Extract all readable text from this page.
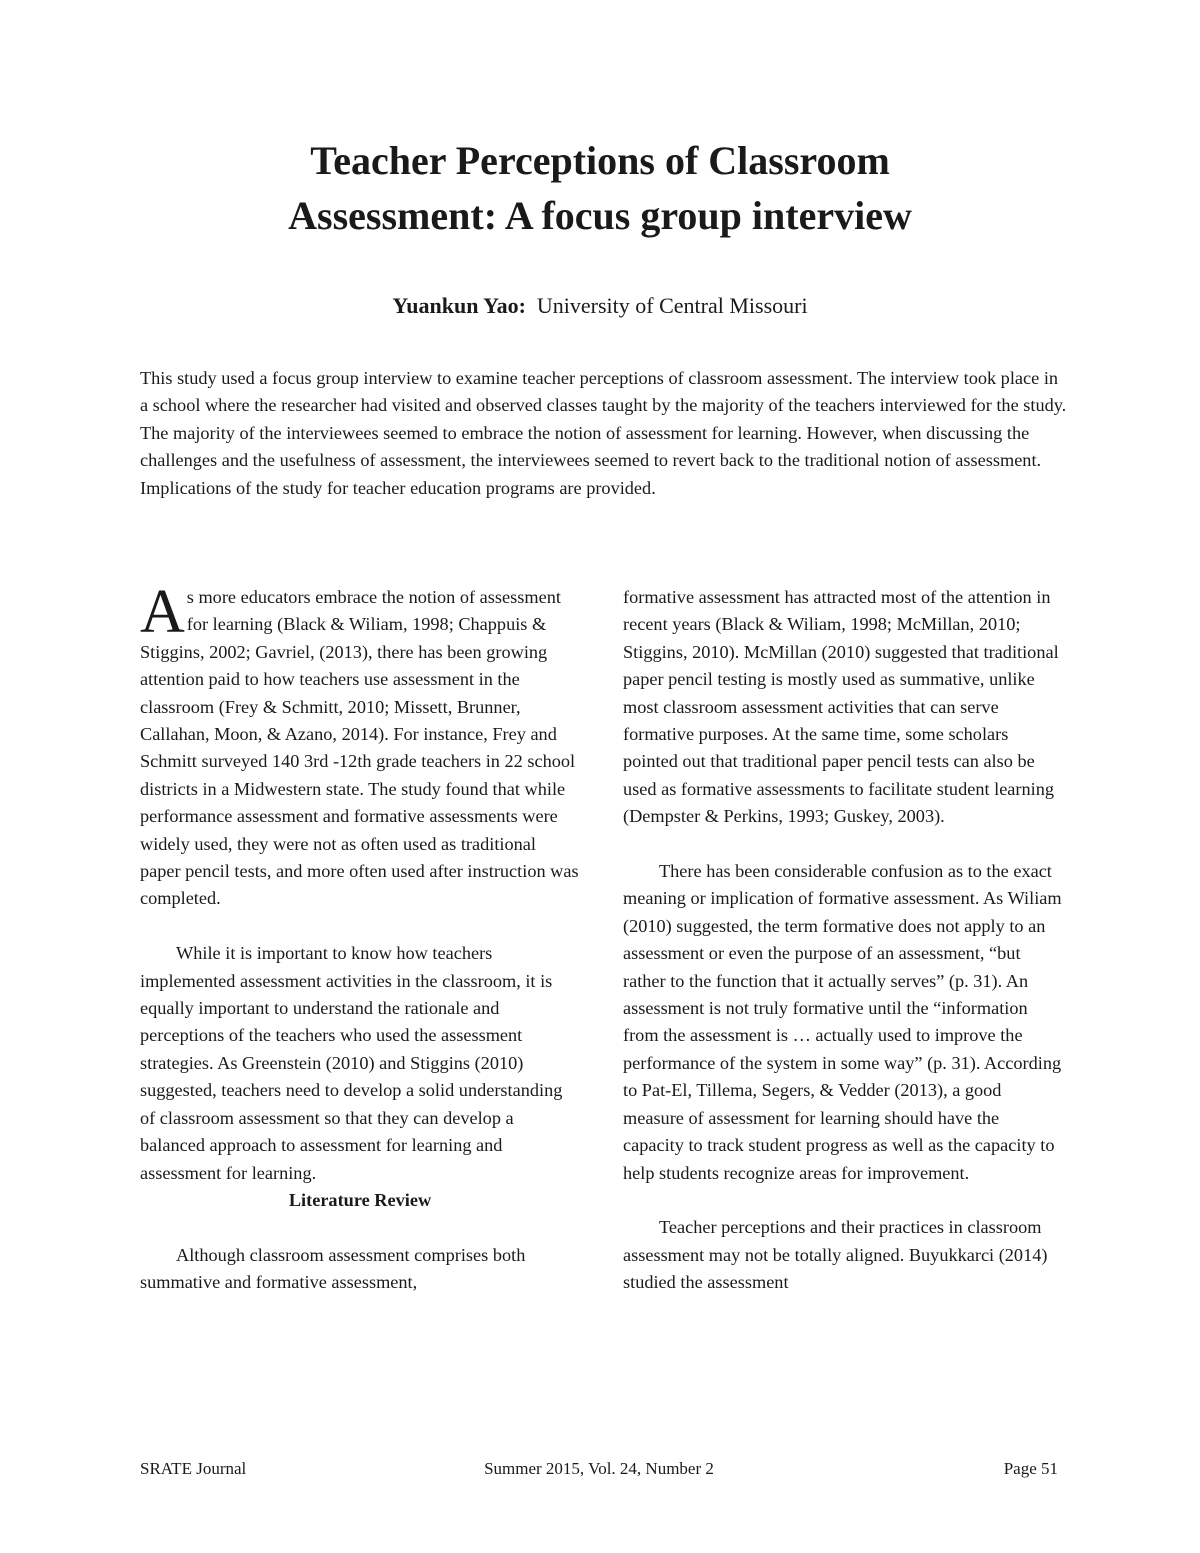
Teacher Perceptions of Classroom
Assessment: A focus group interview

Yuankun Yao: University of Central Missouri

This study used a focus group interview to examine teacher perceptions of classroom assessment. The interview took place in a school where the researcher had visited and observed classes taught by the majority of the teachers interviewed for the study. The majority of the interviewees seemed to embrace the notion of assessment for learning. However, when discussing the challenges and the usefulness of assessment, the interviewees seemed to revert back to the traditional notion of assessment. Implications of the study for teacher education programs are provided.

As more educators embrace the notion of assessment for learning (Black & Wiliam, 1998; Chappuis & Stiggins, 2002; Gavriel, (2013), there has been growing attention paid to how teachers use assessment in the classroom (Frey & Schmitt, 2010; Missett, Brunner, Callahan, Moon, & Azano, 2014). For instance, Frey and Schmitt surveyed 140 3rd -12th grade teachers in 22 school districts in a Midwestern state. The study found that while performance assessment and formative assessments were widely used, they were not as often used as traditional paper pencil tests, and more often used after instruction was completed.

While it is important to know how teachers implemented assessment activities in the classroom, it is equally important to understand the rationale and perceptions of the teachers who used the assessment strategies. As Greenstein (2010) and Stiggins (2010) suggested, teachers need to develop a solid understanding of classroom assessment so that they can develop a balanced approach to assessment for learning and assessment for learning.

Literature Review

Although classroom assessment comprises both summative and formative assessment,

formative assessment has attracted most of the attention in recent years (Black & Wiliam, 1998; McMillan, 2010; Stiggins, 2010). McMillan (2010) suggested that traditional paper pencil testing is mostly used as summative, unlike most classroom assessment activities that can serve formative purposes. At the same time, some scholars pointed out that traditional paper pencil tests can also be used as formative assessments to facilitate student learning (Dempster & Perkins, 1993; Guskey, 2003).

There has been considerable confusion as to the exact meaning or implication of formative assessment. As Wiliam (2010) suggested, the term formative does not apply to an assessment or even the purpose of an assessment, “but rather to the function that it actually serves” (p. 31). An assessment is not truly formative until the “information from the assessment is … actually used to improve the performance of the system in some way” (p. 31). According to Pat-El, Tillema, Segers, & Vedder (2013), a good measure of assessment for learning should have the capacity to track student progress as well as the capacity to help students recognize areas for improvement.

Teacher perceptions and their practices in classroom assessment may not be totally aligned. Buyukkarci (2014) studied the assessment

SRATE Journal	Summer 2015, Vol. 24, Number 2	Page 51
